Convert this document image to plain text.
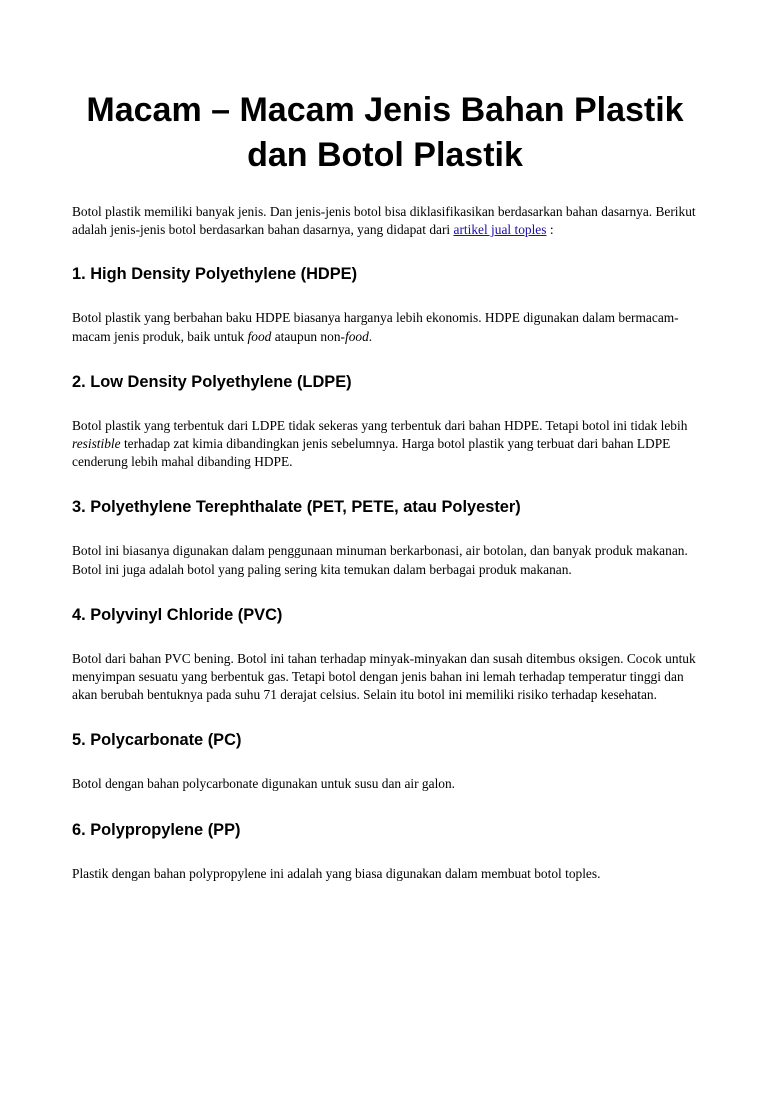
Macam – Macam Jenis Bahan Plastik
dan Botol Plastik

Botol plastik memiliki banyak jenis. Dan jenis-jenis botol bisa diklasifikasikan berdasarkan bahan dasarnya. Berikut adalah jenis-jenis botol berdasarkan bahan dasarnya, yang didapat dari artikel jual toples :

1. High Density Polyethylene (HDPE)

Botol plastik yang berbahan baku HDPE biasanya harganya lebih ekonomis. HDPE digunakan dalam bermacam-macam jenis produk, baik untuk food ataupun non-food.

2. Low Density Polyethylene (LDPE)

Botol plastik yang terbentuk dari LDPE tidak sekeras yang terbentuk dari bahan HDPE. Tetapi botol ini tidak lebih resistible terhadap zat kimia dibandingkan jenis sebelumnya. Harga botol plastik yang terbuat dari bahan LDPE cenderung lebih mahal dibanding HDPE.

3. Polyethylene Terephthalate (PET, PETE, atau Polyester)

Botol ini biasanya digunakan dalam penggunaan minuman berkarbonasi, air botolan, dan banyak produk makanan. Botol ini juga adalah botol yang paling sering kita temukan dalam berbagai produk makanan.

4. Polyvinyl Chloride (PVC)

Botol dari bahan PVC bening. Botol ini tahan terhadap minyak-minyakan dan susah ditembus oksigen. Cocok untuk menyimpan sesuatu yang berbentuk gas. Tetapi botol dengan jenis bahan ini lemah terhadap temperatur tinggi dan akan berubah bentuknya pada suhu 71 derajat celsius. Selain itu botol ini memiliki risiko terhadap kesehatan.

5. Polycarbonate (PC)

Botol dengan bahan polycarbonate digunakan untuk susu dan air galon.

6. Polypropylene (PP)

Plastik dengan bahan polypropylene ini adalah yang biasa digunakan dalam membuat botol toples.
